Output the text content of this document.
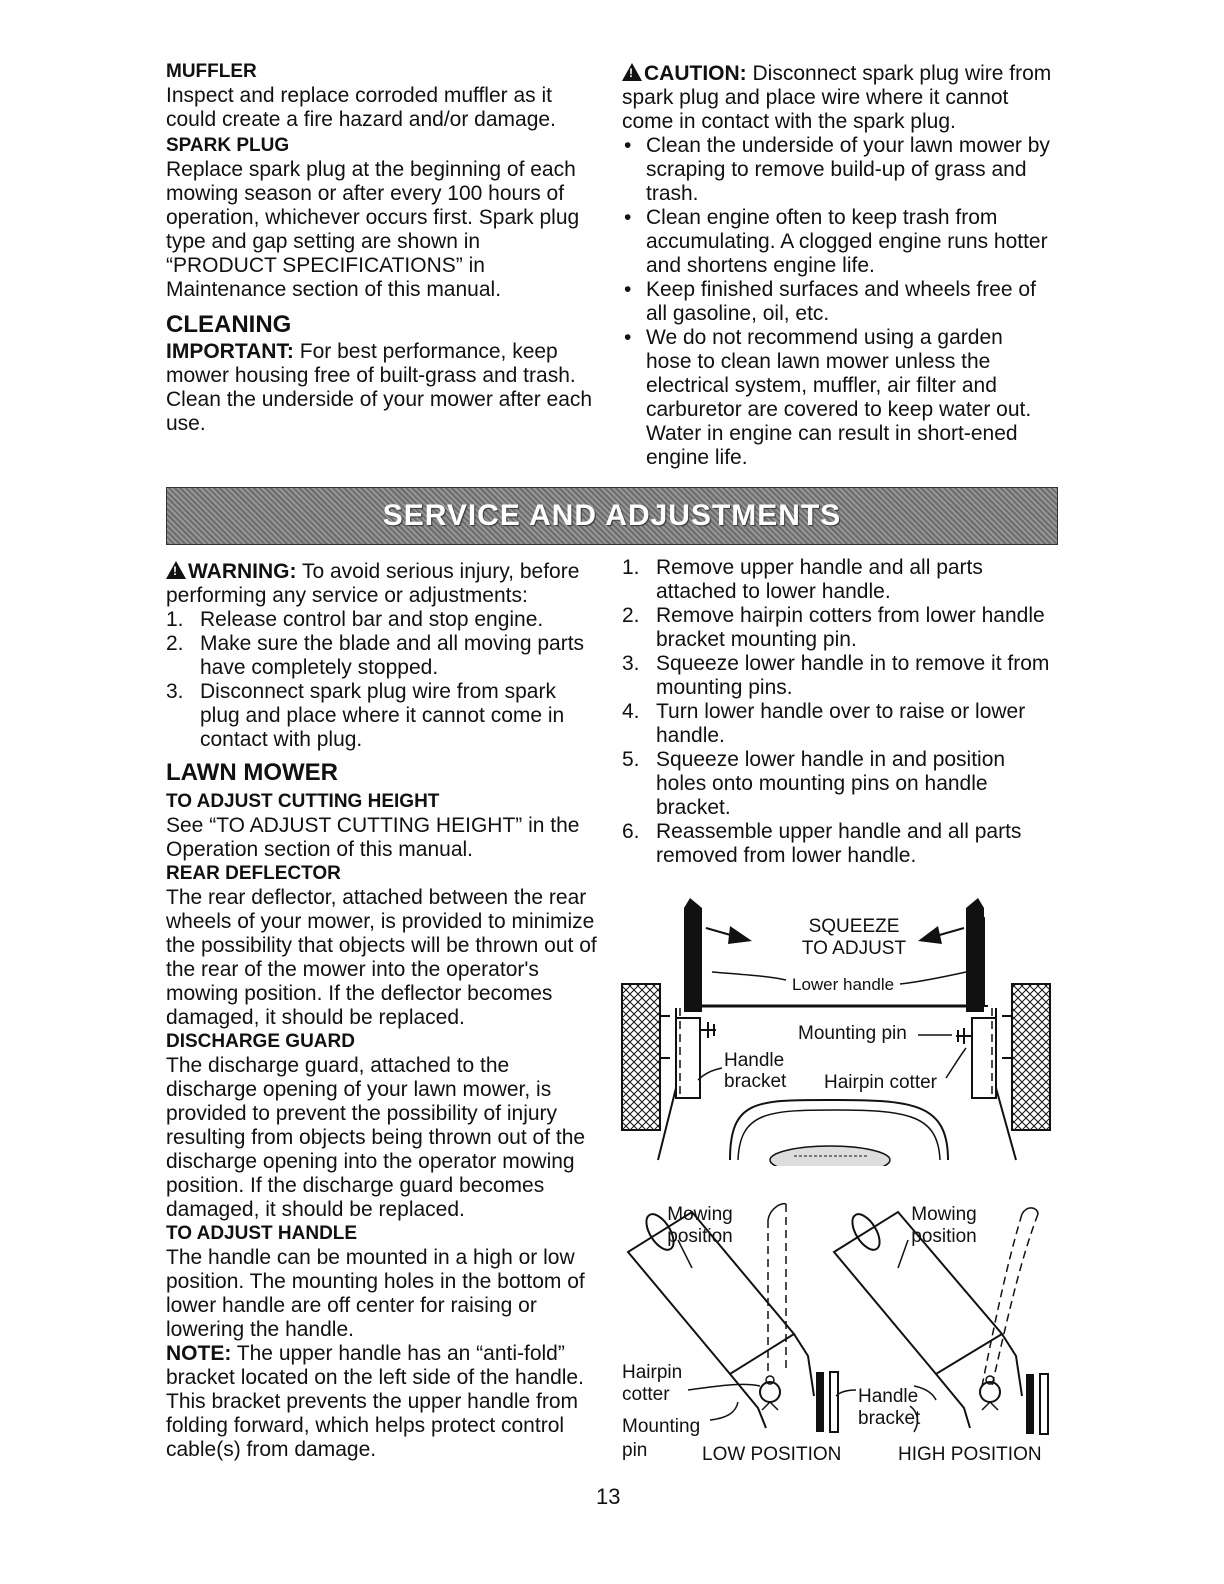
MUFFLER

Inspect and replace corroded muffler as it could create a fire hazard and/or damage.

SPARK PLUG

Replace spark plug at the beginning of each mowing season or after every 100 hours of operation, whichever occurs first. Spark plug type and gap setting are shown in “PRODUCT SPECIFICATIONS” in Maintenance section of this manual.

CLEANING

IMPORTANT: For best performance, keep mower housing free of built-grass and trash. Clean the underside of your mower after each use.

!CAUTION: Disconnect spark plug wire from spark plug and place wire where it cannot come in contact with the spark plug.

• Clean the underside of your lawn mower by scraping to remove build-up of grass and trash.
• Clean engine often to keep trash from accumulating. A clogged engine runs hotter and shortens engine life.
• Keep finished surfaces and wheels free of all gasoline, oil, etc.
• We do not recommend using a garden hose to clean lawn mower unless the electrical system, muffler, air filter and carburetor are covered to keep water out. Water in engine can result in short-ened engine life.
SERVICE AND ADJUSTMENTS

!WARNING: To avoid serious injury, before performing any service or adjustments:

1. Release control bar and stop engine.
2. Make sure the blade and all moving parts have completely stopped.
3. Disconnect spark plug wire from spark plug and place where it cannot come in contact with plug.
LAWN MOWER
TO ADJUST CUTTING HEIGHT

See “TO ADJUST CUTTING HEIGHT” in the Operation section of this manual.

REAR DEFLECTOR

The rear deflector, attached between the rear wheels of your mower, is provided to minimize the possibility that objects will be thrown out of the rear of the mower into the operator's mowing position. If the deflector becomes damaged, it should be replaced.

DISCHARGE GUARD

The discharge guard, attached to the discharge opening of your lawn mower, is provided to prevent the possibility of injury resulting from objects being thrown out of the discharge opening into the operator mowing position. If the discharge guard becomes damaged, it should be replaced.

TO ADJUST HANDLE

The handle can be mounted in a high or low position. The mounting holes in the bottom of lower handle are off center for raising or lowering the handle.

NOTE: The upper handle has an “anti-fold” bracket located on the left side of the handle. This bracket prevents the upper handle from folding forward, which helps protect control cable(s) from damage.

1. Remove upper handle and all parts attached to lower handle.
2. Remove hairpin cotters from lower handle bracket mounting pin.
3. Squeeze lower handle in to remove it from mounting pins.
4. Turn lower handle over to raise or lower handle.
5. Squeeze lower handle in and position holes onto mounting pins on handle bracket.
6. Reassemble upper handle and all parts removed from lower handle.
SQUEEZE
TO ADJUST
Lower handle
Mounting pin
Handle
bracket Hairpin cotter
Mowing
position
Mowing
position
Hairpin
cotter
Mounting
pin
Handle
bracket
LOW POSITION	HIGH POSITION
13
